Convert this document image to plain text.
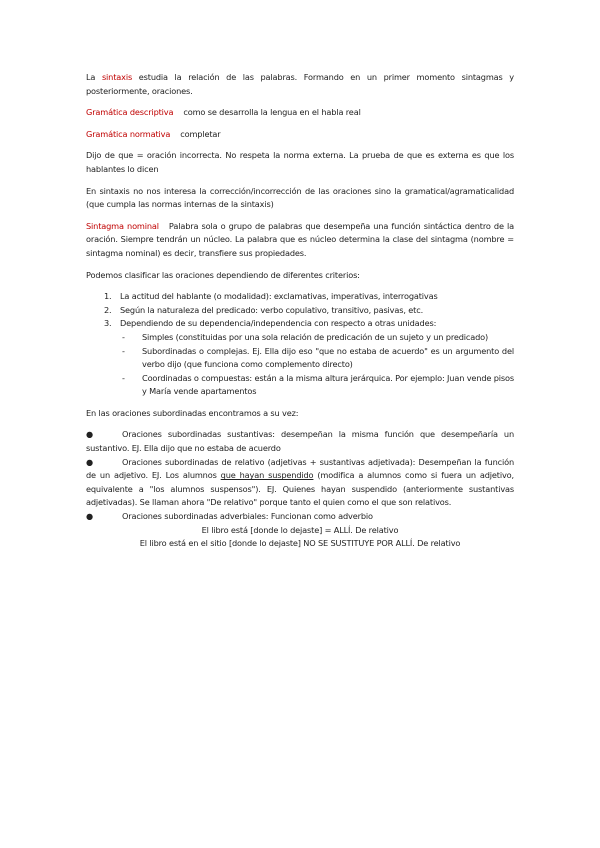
La sintaxis estudia la relación de las palabras. Formando en un primer momento sintagmas y posteriormente, oraciones.

Gramática descriptiva como se desarrolla la lengua en el habla real

Gramática normativa completar

Dijo de que = oración incorrecta. No respeta la norma externa. La prueba de que es externa es que los hablantes lo dicen

En sintaxis no nos interesa la corrección/incorrección de las oraciones sino la gramatical/agramaticalidad (que cumpla las normas internas de la sintaxis)

Sintagma nominal Palabra sola o grupo de palabras que desempeña una función sintáctica dentro de la oración. Siempre tendrán un núcleo. La palabra que es núcleo determina la clase del sintagma (nombre = sintagma nominal) es decir, transfiere sus propiedades.

Podemos clasificar las oraciones dependiendo de diferentes criterios:

1. La actitud del hablante (o modalidad): exclamativas, imperativas, interrogativas
2. Según la naturaleza del predicado: verbo copulativo, transitivo, pasivas, etc.
3. Dependiendo de su dependencia/independencia con respecto a otras unidades:
- Simples (constituidas por una sola relación de predicación de un sujeto y un predicado)
- Subordinadas o complejas. Ej. Ella dijo eso "que no estaba de acuerdo" es un argumento del verbo dijo (que funciona como complemento directo)
- Coordinadas o compuestas: están a la misma altura jerárquica. Por ejemplo: Juan vende pisos y María vende apartamentos

En las oraciones subordinadas encontramos a su vez:

●	Oraciones subordinadas sustantivas: desempeñan la misma función que desempeñaría un sustantivo. EJ. Ella dijo que no estaba de acuerdo

●	Oraciones subordinadas de relativo (adjetivas + sustantivas adjetivada): Desempeñan la función de un adjetivo. EJ. Los alumnos que hayan suspendido (modifica a alumnos como si fuera un adjetivo, equivalente a "los alumnos suspensos"). EJ. Quienes hayan suspendido (anteriormente sustantivas adjetivadas). Se llaman ahora "De relativo" porque tanto el quien como el que son relativos.

●	Oraciones subordinadas adverbiales: Funcionan como adverbio

El libro está [donde lo dejaste] = ALLÍ. De relativo

El libro está en el sitio [donde lo dejaste] NO SE SUSTITUYE POR ALLÍ. De relativo
